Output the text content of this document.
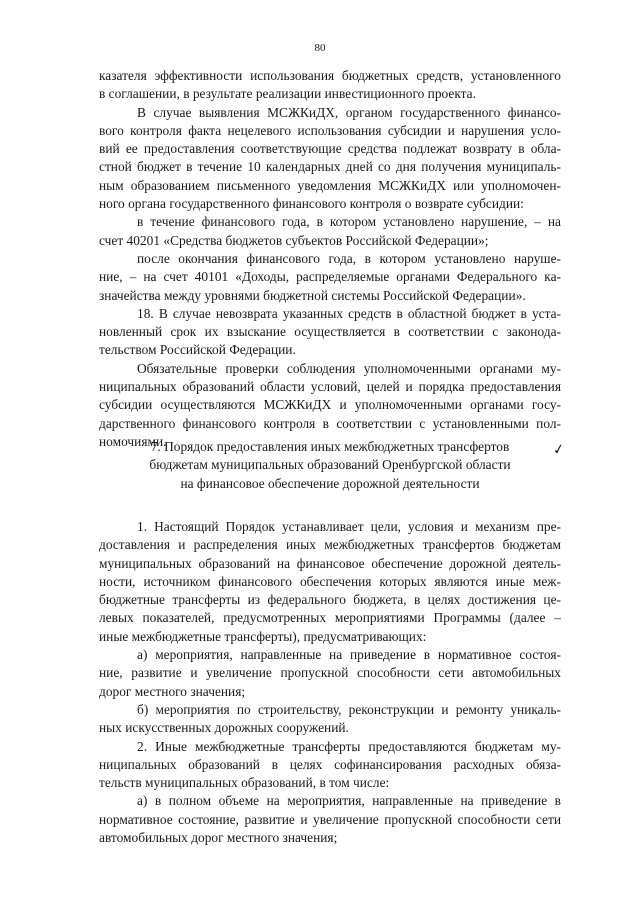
80
казателя эффективности использования бюджетных средств, установленного
в соглашении, в результате реализации инвестиционного проекта.
В случае выявления МСЖКиДХ, органом государственного финансо-
вого контроля факта нецелевого использования субсидии и нарушения усло-
вий ее предоставления соответствующие средства подлежат возврату в обла-
стной бюджет в течение 10 календарных дней со дня получения муниципаль-
ным образованием письменного уведомления МСЖКиДХ или уполномочен-
ного органа государственного финансового контроля о возврате субсидии:
в течение финансового года, в котором установлено нарушение, – на
счет 40201 «Средства бюджетов субъектов Российской Федерации»;
после окончания финансового года, в котором установлено наруше-
ние, – на счет 40101 «Доходы, распределяемые органами Федерального ка-
значейства между уровнями бюджетной системы Российской Федерации».
18. В случае невозврата указанных средств в областной бюджет в уста-
новленный срок их взыскание осуществляется в соответствии с законода-
тельством Российской Федерации.
Обязательные проверки соблюдения уполномоченными органами му-
ниципальных образований области условий, целей и порядка предоставления
субсидии осуществляются МСЖКиДХ и уполномоченными органами госу-
дарственного финансового контроля в соответствии с установленными пол-
номочиями.
7. Порядок предоставления иных межбюджетных трансфертов
бюджетам муниципальных образований Оренбургской области
на финансовое обеспечение дорожной деятельности
✓
1. Настоящий Порядок устанавливает цели, условия и механизм пре-
доставления и распределения иных межбюджетных трансфертов бюджетам
муниципальных образований на финансовое обеспечение дорожной деятель-
ности, источником финансового обеспечения которых являются иные меж-
бюджетные трансферты из федерального бюджета, в целях достижения це-
левых показателей, предусмотренных мероприятиями Программы (далее –
иные межбюджетные трансферты), предусматривающих:
а) мероприятия, направленные на приведение в нормативное состоя-
ние, развитие и увеличение пропускной способности сети автомобильных
дорог местного значения;
б) мероприятия по строительству, реконструкции и ремонту уникаль-
ных искусственных дорожных сооружений.
2. Иные межбюджетные трансферты предоставляются бюджетам му-
ниципальных образований в целях софинансирования расходных обяза-
тельств муниципальных образований, в том числе:
а) в полном объеме на мероприятия, направленные на приведение в
нормативное состояние, развитие и увеличение пропускной способности сети
автомобильных дорог местного значения;
